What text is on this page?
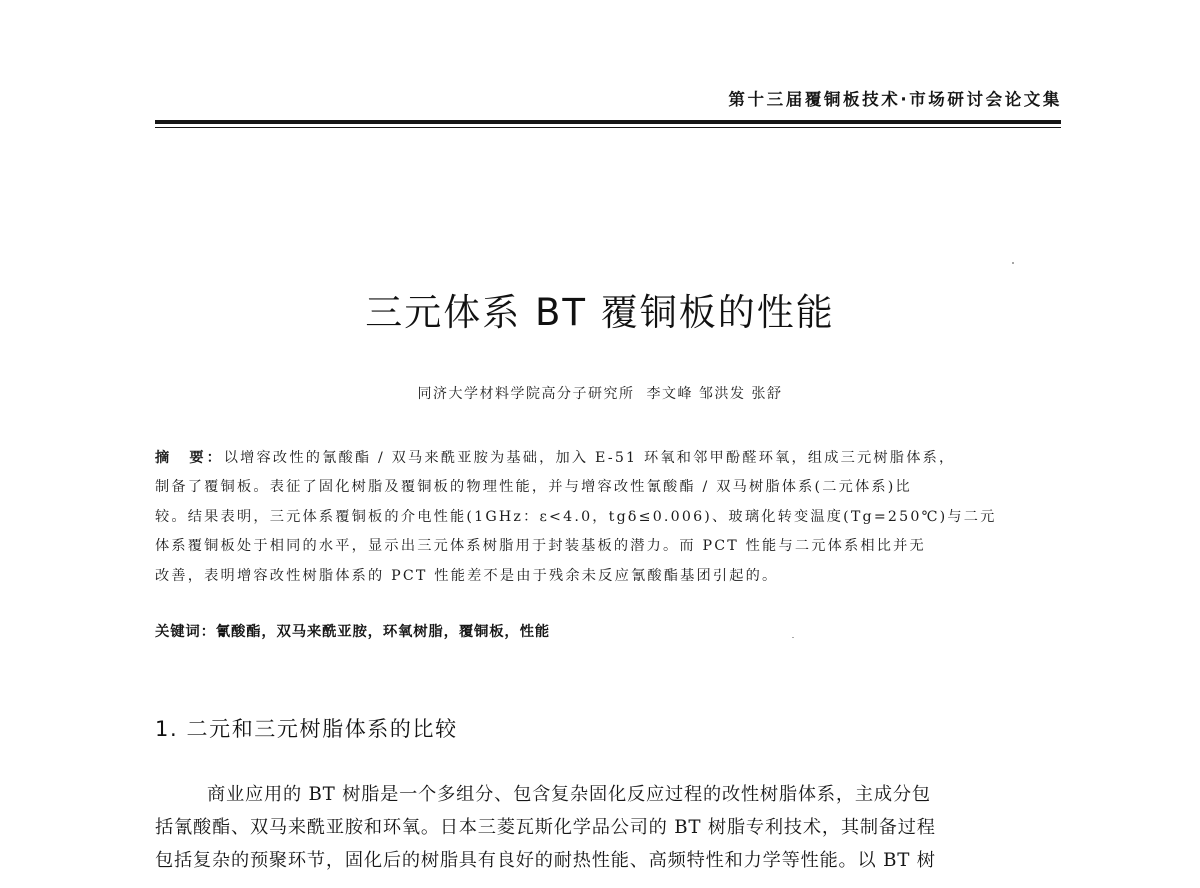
第十三届覆铜板技术·市场研讨会论文集
三元体系 BT 覆铜板的性能
同济大学材料学院高分子研究所 李文峰 邹洪发 张舒
摘　要：以增容改性的氰酸酯 / 双马来酰亚胺为基础，加入 E-51 环氧和邻甲酚醛环氧，组成三元树脂体系，
制备了覆铜板。表征了固化树脂及覆铜板的物理性能，并与增容改性氰酸酯 / 双马树脂体系(二元体系)比
较。结果表明，三元体系覆铜板的介电性能(1GHz：ε<4.0，tgδ≤0.006)、玻璃化转变温度(Tg=250℃)与二元
体系覆铜板处于相同的水平，显示出三元体系树脂用于封装基板的潜力。而 PCT 性能与二元体系相比并无
改善，表明增容改性树脂体系的 PCT 性能差不是由于残余未反应氰酸酯基团引起的。
关键词：氰酸酯，双马来酰亚胺，环氧树脂，覆铜板，性能
1. 二元和三元树脂体系的比较
商业应用的 BT 树脂是一个多组分、包含复杂固化反应过程的改性树脂体系，主成分包
括氰酸酯、双马来酰亚胺和环氧。日本三菱瓦斯化学品公司的 BT 树脂专利技术，其制备过程
包括复杂的预聚环节，固化后的树脂具有良好的耐热性能、高频特性和力学等性能。以 BT 树
